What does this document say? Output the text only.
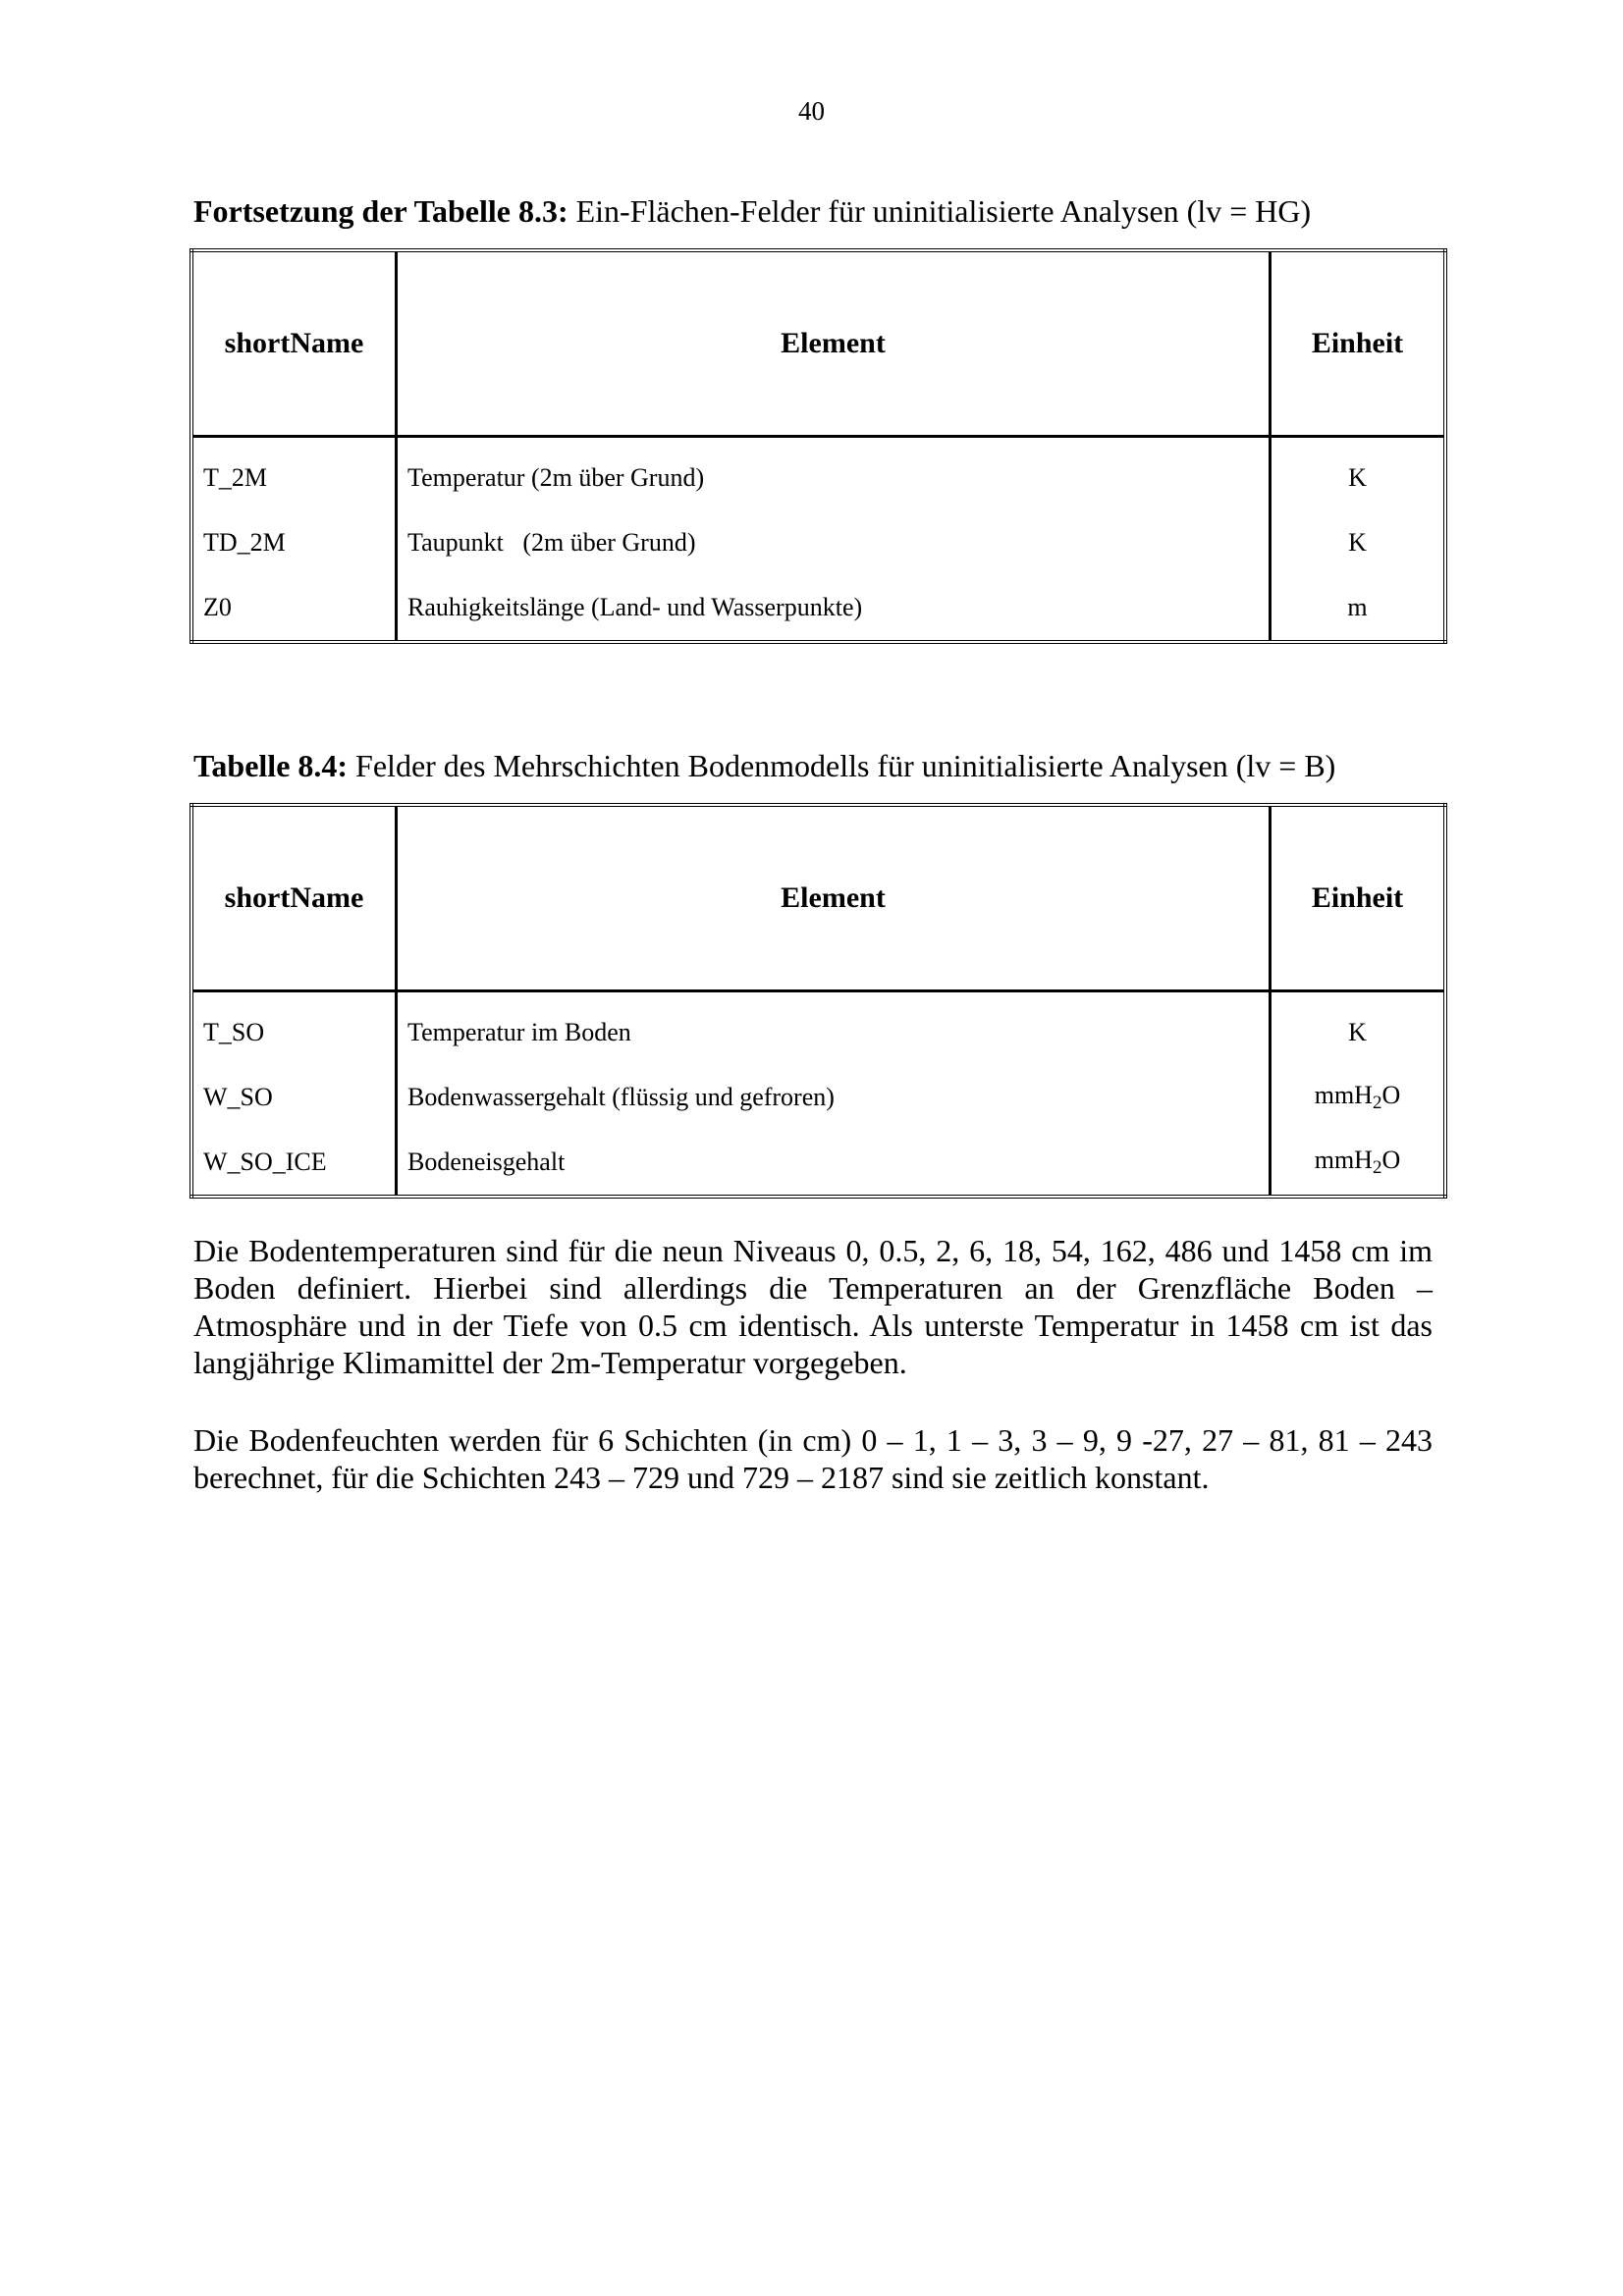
40
Fortsetzung der Tabelle 8.3: Ein-Flächen-Felder für uninitialisierte Analysen (lv = HG)
shortName	Element	Einheit
T_2M	Temperatur (2m über Grund)	K
TD_2M	Taupunkt   (2m über Grund)	K
Z0	Rauhigkeitslänge (Land- und Wasserpunkte)	m
Tabelle 8.4: Felder des Mehrschichten Bodenmodells für uninitialisierte Analysen (lv = B)
shortName	Element	Einheit
T_SO	Temperatur im Boden	K
W_SO	Bodenwassergehalt (flüssig und gefroren)	mmH$_2$O
W_SO_ICE	Bodeneisgehalt	mmH$_2$O

Die Bodentemperaturen sind für die neun Niveaus 0, 0.5, 2, 6, 18, 54, 162, 486 und 1458 cm im Boden definiert. Hierbei sind allerdings die Temperaturen an der Grenzfläche Boden – Atmosphäre und in der Tiefe von 0.5 cm identisch. Als unterste Temperatur in 1458 cm ist das langjährige Klimamittel der 2m-Temperatur vorgegeben.

Die Bodenfeuchten werden für 6 Schichten (in cm) 0 – 1, 1 – 3, 3 – 9, 9 -27, 27 – 81, 81 – 243 berechnet, für die Schichten 243 – 729 und 729 – 2187 sind sie zeitlich konstant.
